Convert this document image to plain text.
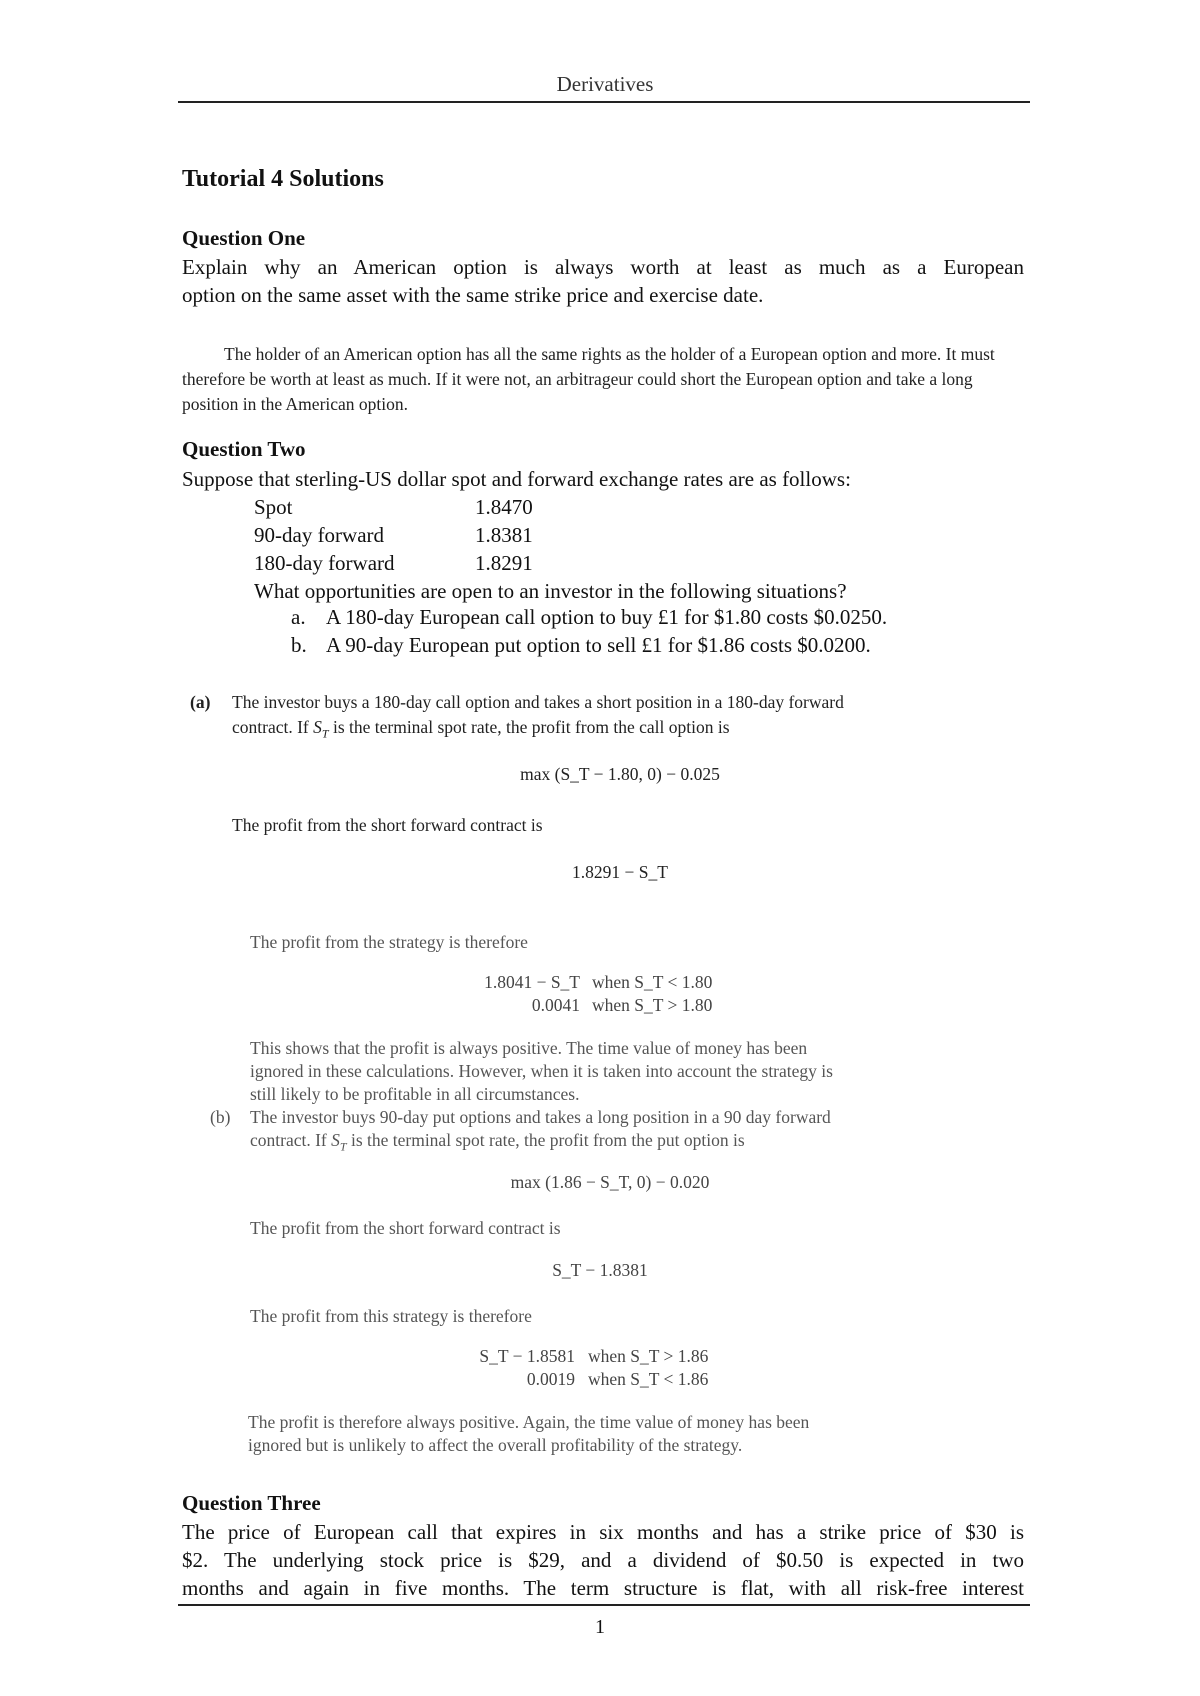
Derivatives
Tutorial 4 Solutions
Question One
Explain why an American option is always worth at least as much as a European
option on the same asset with the same strike price and exercise date.
The holder of an American option has all the same rights as the holder of a European option and more. It must therefore be worth at least as much. If it were not, an arbitrageur could short the European option and take a long position in the American option.
Question Two
Suppose that sterling-US dollar spot and forward exchange rates are as follows:
Spot	1.8470
90-day forward	1.8381
180-day forward	1.8291
What opportunities are open to an investor in the following situations?
a. A 180-day European call option to buy £1 for $1.80 costs $0.0250.
b. A 90-day European put option to sell £1 for $1.86 costs $0.0200.
(a) The investor buys a 180-day call option and takes a short position in a 180-day forward
contract. If $S_T$ is the terminal spot rate, the profit from the call option is
max (S_T − 1.80, 0) − 0.025
The profit from the short forward contract is
1.8291 − S_T
The profit from the strategy is therefore
1.8041 − S_T when S_T < 1.80
0.0041 when S_T > 1.80
This shows that the profit is always positive. The time value of money has been
ignored in these calculations. However, when it is taken into account the strategy is
still likely to be profitable in all circumstances.
(b) The investor buys 90-day put options and takes a long position in a 90 day forward
contract. If $S_T$ is the terminal spot rate, the profit from the put option is
max (1.86 − S_T, 0) − 0.020
The profit from the short forward contract is
S_T − 1.8381
The profit from this strategy is therefore
S_T − 1.8581 when S_T > 1.86
0.0019 when S_T < 1.86
The profit is therefore always positive. Again, the time value of money has been
ignored but is unlikely to affect the overall profitability of the strategy.
Question Three
The price of European call that expires in six months and has a strike price of $30 is
$2. The underlying stock price is $29, and a dividend of $0.50 is expected in two
months and again in five months. The term structure is flat, with all risk-free interest
1
